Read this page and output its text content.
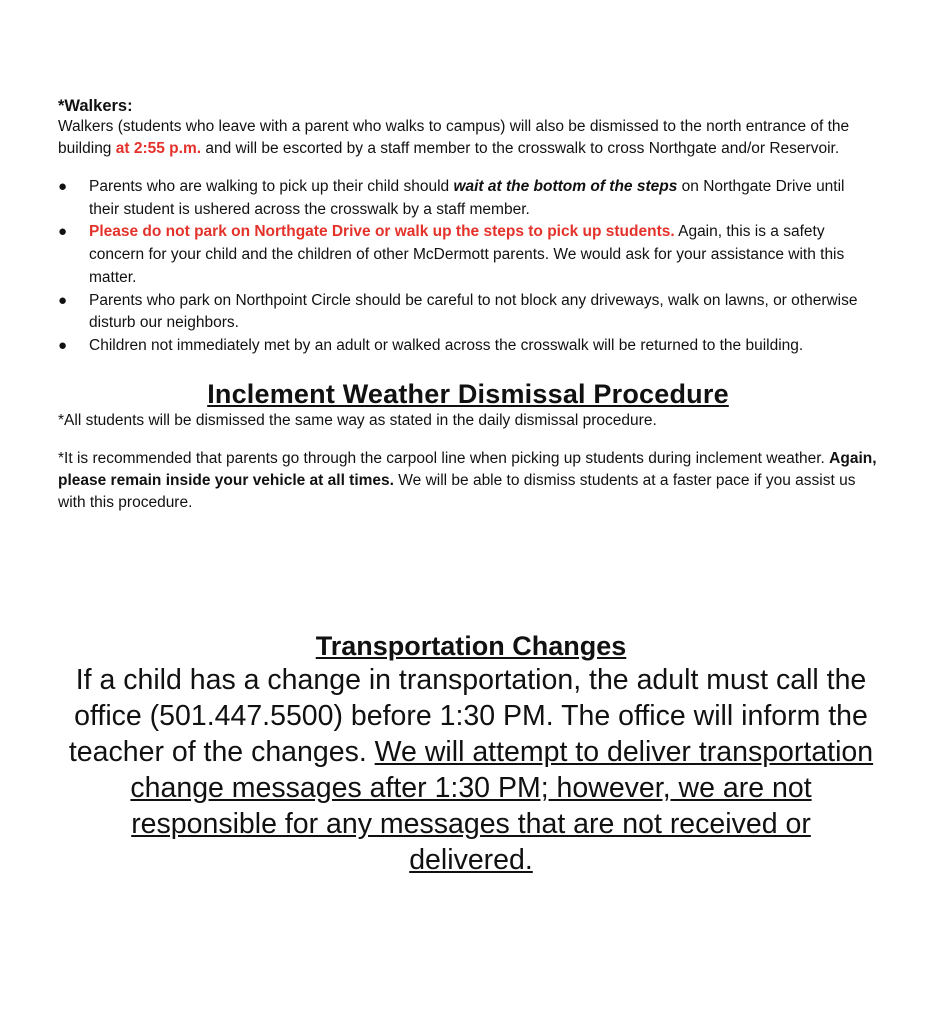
*Walkers:

Walkers (students who leave with a parent who walks to campus) will also be dismissed to the north entrance of the building at 2:55 p.m. and will be escorted by a staff member to the crosswalk to cross Northgate and/or Reservoir.

● Parents who are walking to pick up their child should wait at the bottom of the steps on Northgate Drive until their student is ushered across the crosswalk by a staff member.
● Please do not park on Northgate Drive or walk up the steps to pick up students. Again, this is a safety concern for your child and the children of other McDermott parents. We would ask for your assistance with this matter.
● Parents who park on Northpoint Circle should be careful to not block any driveways, walk on lawns, or otherwise disturb our neighbors.
● Children not immediately met by an adult or walked across the crosswalk will be returned to the building.
Inclement Weather Dismissal Procedure

*All students will be dismissed the same way as stated in the daily dismissal procedure.

*It is recommended that parents go through the carpool line when picking up students during inclement weather. Again, please remain inside your vehicle at all times. We will be able to dismiss students at a faster pace if you assist us with this procedure.

Transportation Changes

If a child has a change in transportation, the adult must call the office (501.447.5500) before 1:30 PM. The office will inform the teacher of the changes. We will attempt to deliver transportation change messages after 1:30 PM; however, we are not responsible for any messages that are not received or delivered.
